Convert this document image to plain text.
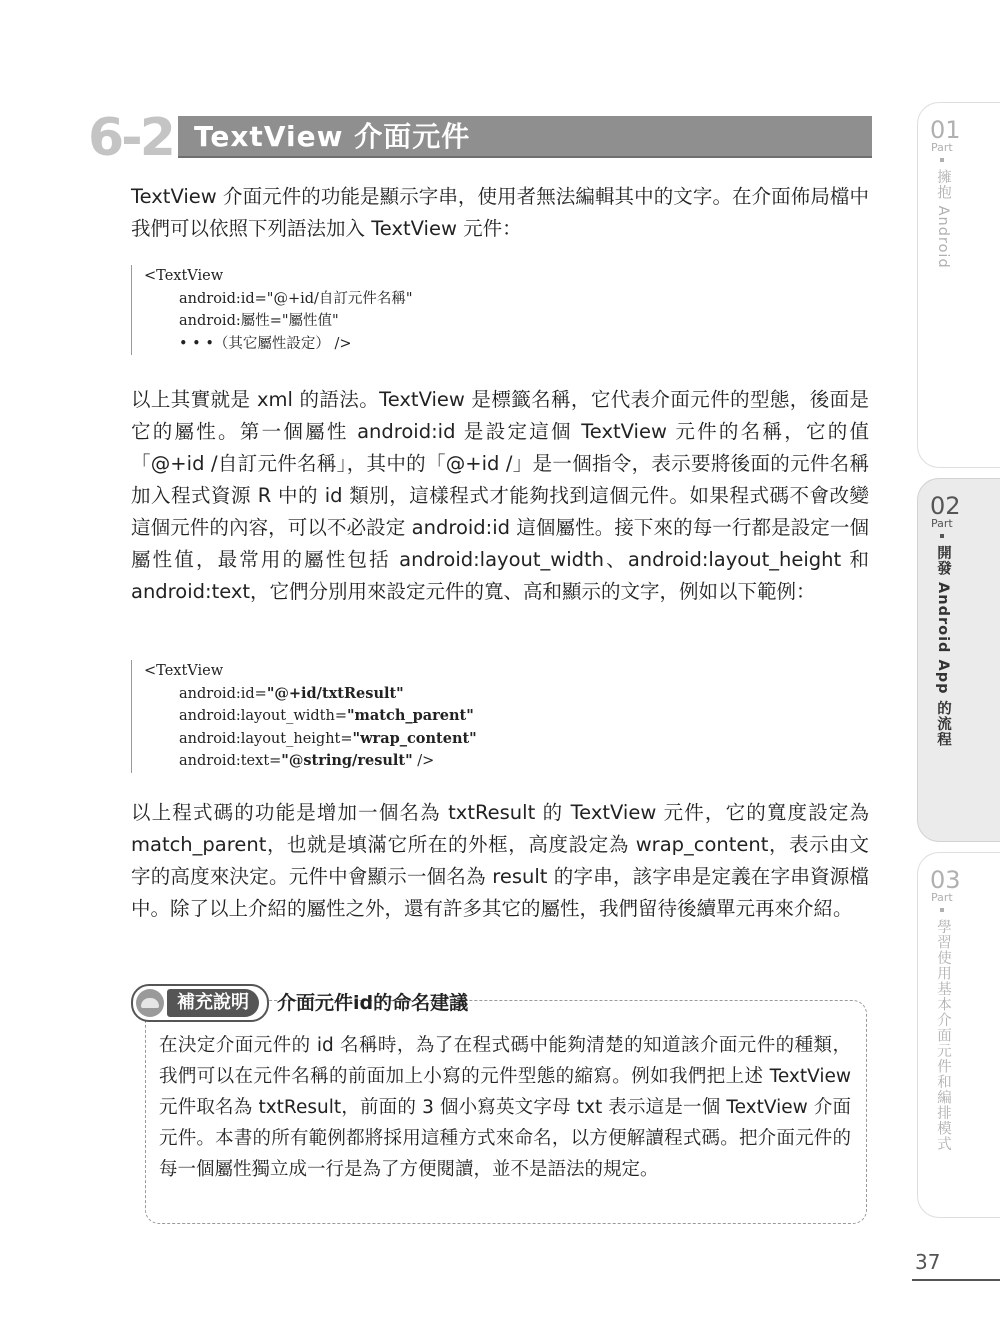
6-2 TextView 介面元件

TextView 介面元件的功能是顯示字串，使用者無法編輯其中的文字。在介面佈局檔中我們可以依照下列語法加入 TextView 元件：

<TextView
android:id="@+id/自訂元件名稱"
android:屬性="屬性值"
• • •（其它屬性設定） />

以上其實就是 xml 的語法。TextView 是標籤名稱，它代表介面元件的型態，後面是它的屬性。第一個屬性 android:id 是設定這個 TextView 元件的名稱，它的值「@+id /自訂元件名稱」，其中的「@+id /」是一個指令，表示要將後面的元件名稱加入程式資源 R 中的 id 類別，這樣程式才能夠找到這個元件。如果程式碼不會改變這個元件的內容，可以不必設定 android:id 這個屬性。接下來的每一行都是設定一個屬性值，最常用的屬性包括 android:layout_width、android:layout_height 和 android:text，它們分別用來設定元件的寬、高和顯示的文字，例如以下範例：

<TextView
android:id="@+id/txtResult"
android:layout_width="match_parent"
android:layout_height="wrap_content"
android:text="@string/result" />

以上程式碼的功能是增加一個名為 txtResult 的 TextView 元件，它的寬度設定為 match_parent，也就是填滿它所在的外框，高度設定為 wrap_content，表示由文字的高度來決定。元件中會顯示一個名為 result 的字串，該字串是定義在字串資源檔中。除了以上介紹的屬性之外，還有許多其它的屬性，我們留待後續單元再來介紹。

補充說明	介面元件id的命名建議

在決定介面元件的 id 名稱時，為了在程式碼中能夠清楚的知道該介面元件的種類，我們可以在元件名稱的前面加上小寫的元件型態的縮寫。例如我們把上述 TextView 元件取名為 txtResult，前面的 3 個小寫英文字母 txt 表示這是一個 TextView 介面元件。本書的所有範例都將採用這種方式來命名，以方便解讀程式碼。把介面元件的每一個屬性獨立成一行是為了方便閱讀，並不是語法的規定。

01
Part
擁抱 Android
02
Part
開發 Android App 的流程
03
Part
學習使用基本介面元件和編排模式
37
